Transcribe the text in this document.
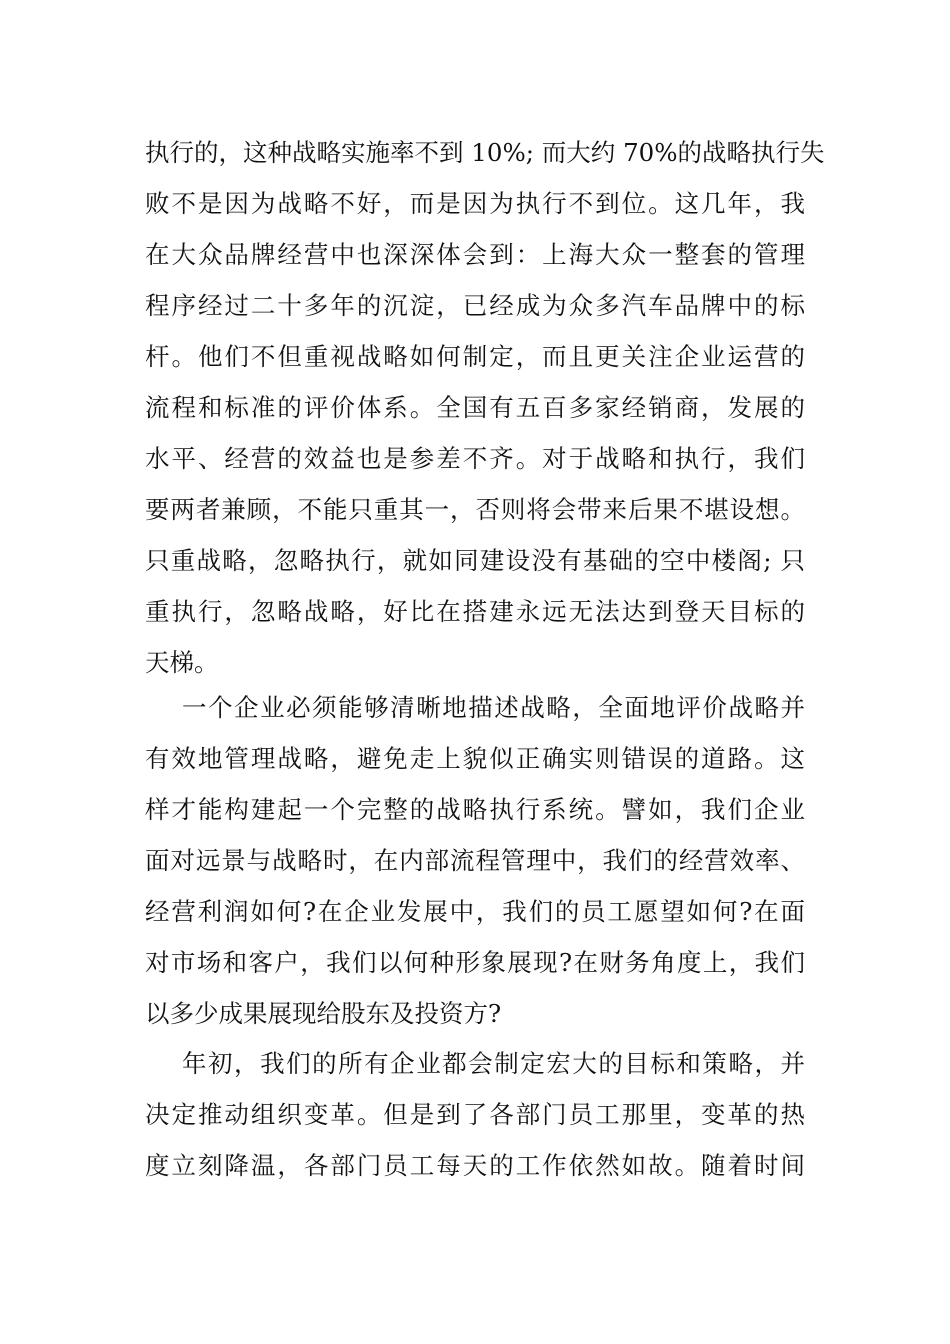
执行的，这种战略实施率不到 10%; 而大约 70%的战略执行失
败不是因为战略不好，而是因为执行不到位。这几年，我
在大众品牌经营中也深深体会到：上海大众一整套的管理
程序经过二十多年的沉淀，已经成为众多汽车品牌中的标
杆。他们不但重视战略如何制定，而且更关注企业运营的
流程和标准的评价体系。全国有五百多家经销商，发展的
水平、经营的效益也是参差不齐。对于战略和执行，我们
要两者兼顾，不能只重其一，否则将会带来后果不堪设想。
只重战略，忽略执行，就如同建设没有基础的空中楼阁; 只
重执行，忽略战略，好比在搭建永远无法达到登天目标的
天梯。
一个企业必须能够清晰地描述战略，全面地评价战略并
有效地管理战略，避免走上貌似正确实则错误的道路。这
样才能构建起一个完整的战略执行系统。譬如，我们企业
面对远景与战略时，在内部流程管理中，我们的经营效率、
经营利润如何?在企业发展中，我们的员工愿望如何?在面
对市场和客户，我们以何种形象展现?在财务角度上，我们
以多少成果展现给股东及投资方?
年初，我们的所有企业都会制定宏大的目标和策略，并
决定推动组织变革。但是到了各部门员工那里，变革的热
度立刻降温，各部门员工每天的工作依然如故。随着时间
